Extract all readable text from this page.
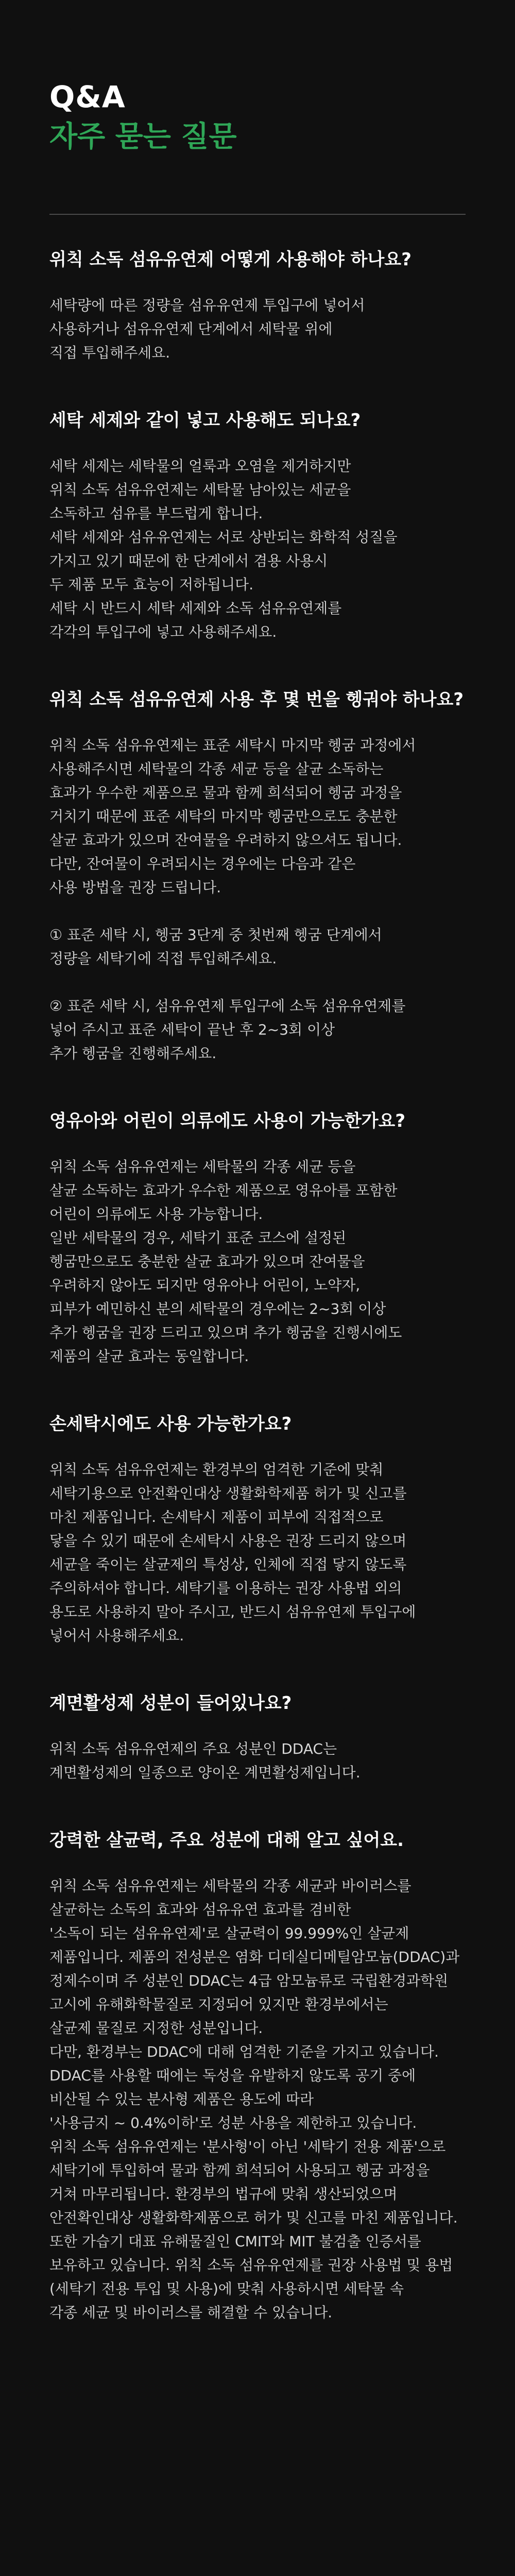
Q&A
자주 묻는 질문
위칙 소독 섬유유연제 어떻게 사용해야 하나요?

세탁량에 따른 정량을 섬유유연제 투입구에 넣어서
사용하거나 섬유유연제 단계에서 세탁물 위에
직접 투입해주세요.

세탁 세제와 같이 넣고 사용해도 되나요?

세탁 세제는 세탁물의 얼룩과 오염을 제거하지만
위칙 소독 섬유유연제는 세탁물 남아있는 세균을
소독하고 섬유를 부드럽게 합니다.
세탁 세제와 섬유유연제는 서로 상반되는 화학적 성질을
가지고 있기 때문에 한 단계에서 겸용 사용시
두 제품 모두 효능이 저하됩니다.
세탁 시 반드시 세탁 세제와 소독 섬유유연제를
각각의 투입구에 넣고 사용해주세요.

위칙 소독 섬유유연제 사용 후 몇 번을 헹궈야 하나요?

위칙 소독 섬유유연제는 표준 세탁시 마지막 헹굼 과정에서
사용해주시면 세탁물의 각종 세균 등을 살균 소독하는
효과가 우수한 제품으로 물과 함께 희석되어 헹굼 과정을
거치기 때문에 표준 세탁의 마지막 헹굼만으로도 충분한
살균 효과가 있으며 잔여물을 우려하지 않으셔도 됩니다.
다만, 잔여물이 우려되시는 경우에는 다음과 같은
사용 방법을 권장 드립니다.

① 표준 세탁 시, 헹굼 3단계 중 첫번째 헹굼 단계에서
정량을 세탁기에 직접 투입해주세요.

② 표준 세탁 시, 섬유유연제 투입구에 소독 섬유유연제를
넣어 주시고 표준 세탁이 끝난 후 2~3회 이상
추가 헹굼을 진행해주세요.

영유아와 어린이 의류에도 사용이 가능한가요?

위칙 소독 섬유유연제는 세탁물의 각종 세균 등을
살균 소독하는 효과가 우수한 제품으로 영유아를 포함한
어린이 의류에도 사용 가능합니다.
일반 세탁물의 경우, 세탁기 표준 코스에 설정된
헹굼만으로도 충분한 살균 효과가 있으며 잔여물을
우려하지 않아도 되지만 영유아나 어린이, 노약자,
피부가 예민하신 분의 세탁물의 경우에는 2~3회 이상
추가 헹굼을 권장 드리고 있으며 추가 헹굼을 진행시에도
제품의 살균 효과는 동일합니다.

손세탁시에도 사용 가능한가요?

위칙 소독 섬유유연제는 환경부의 엄격한 기준에 맞춰
세탁기용으로 안전확인대상 생활화학제품 허가 및 신고를
마친 제품입니다. 손세탁시 제품이 피부에 직접적으로
닿을 수 있기 때문에 손세탁시 사용은 권장 드리지 않으며
세균을 죽이는 살균제의 특성상, 인체에 직접 닿지 않도록
주의하셔야 합니다. 세탁기를 이용하는 권장 사용법 외의
용도로 사용하지 말아 주시고, 반드시 섬유유연제 투입구에
넣어서 사용해주세요.

계면활성제 성분이 들어있나요?

위칙 소독 섬유유연제의 주요 성분인 DDAC는
계면활성제의 일종으로 양이온 계면활성제입니다.

강력한 살균력, 주요 성분에 대해 알고 싶어요.

위칙 소독 섬유유연제는 세탁물의 각종 세균과 바이러스를
살균하는 소독의 효과와 섬유유연 효과를 겸비한
'소독이 되는 섬유유연제'로 살균력이 99.999%인 살균제
제품입니다. 제품의 전성분은 염화 디데실디메틸암모늄(DDAC)과
정제수이며 주 성분인 DDAC는 4급 암모늄류로 국립환경과학원
고시에 유해화학물질로 지정되어 있지만 환경부에서는
살균제 물질로 지정한 성분입니다.
다만, 환경부는 DDAC에 대해 엄격한 기준을 가지고 있습니다.
DDAC를 사용할 때에는 독성을 유발하지 않도록 공기 중에
비산될 수 있는 분사형 제품은 용도에 따라
'사용금지 ~ 0.4%이하'로 성분 사용을 제한하고 있습니다.
위칙 소독 섬유유연제는 '분사형'이 아닌 '세탁기 전용 제품'으로
세탁기에 투입하여 물과 함께 희석되어 사용되고 헹굼 과정을
거쳐 마무리됩니다. 환경부의 법규에 맞춰 생산되었으며
안전확인대상 생활화학제품으로 허가 및 신고를 마친 제품입니다.
또한 가습기 대표 유해물질인 CMIT와 MIT 불검출 인증서를
보유하고 있습니다. 위칙 소독 섬유유연제를 권장 사용법 및 용법
(세탁기 전용 투입 및 사용)에 맞춰 사용하시면 세탁물 속
각종 세균 및 바이러스를 해결할 수 있습니다.
